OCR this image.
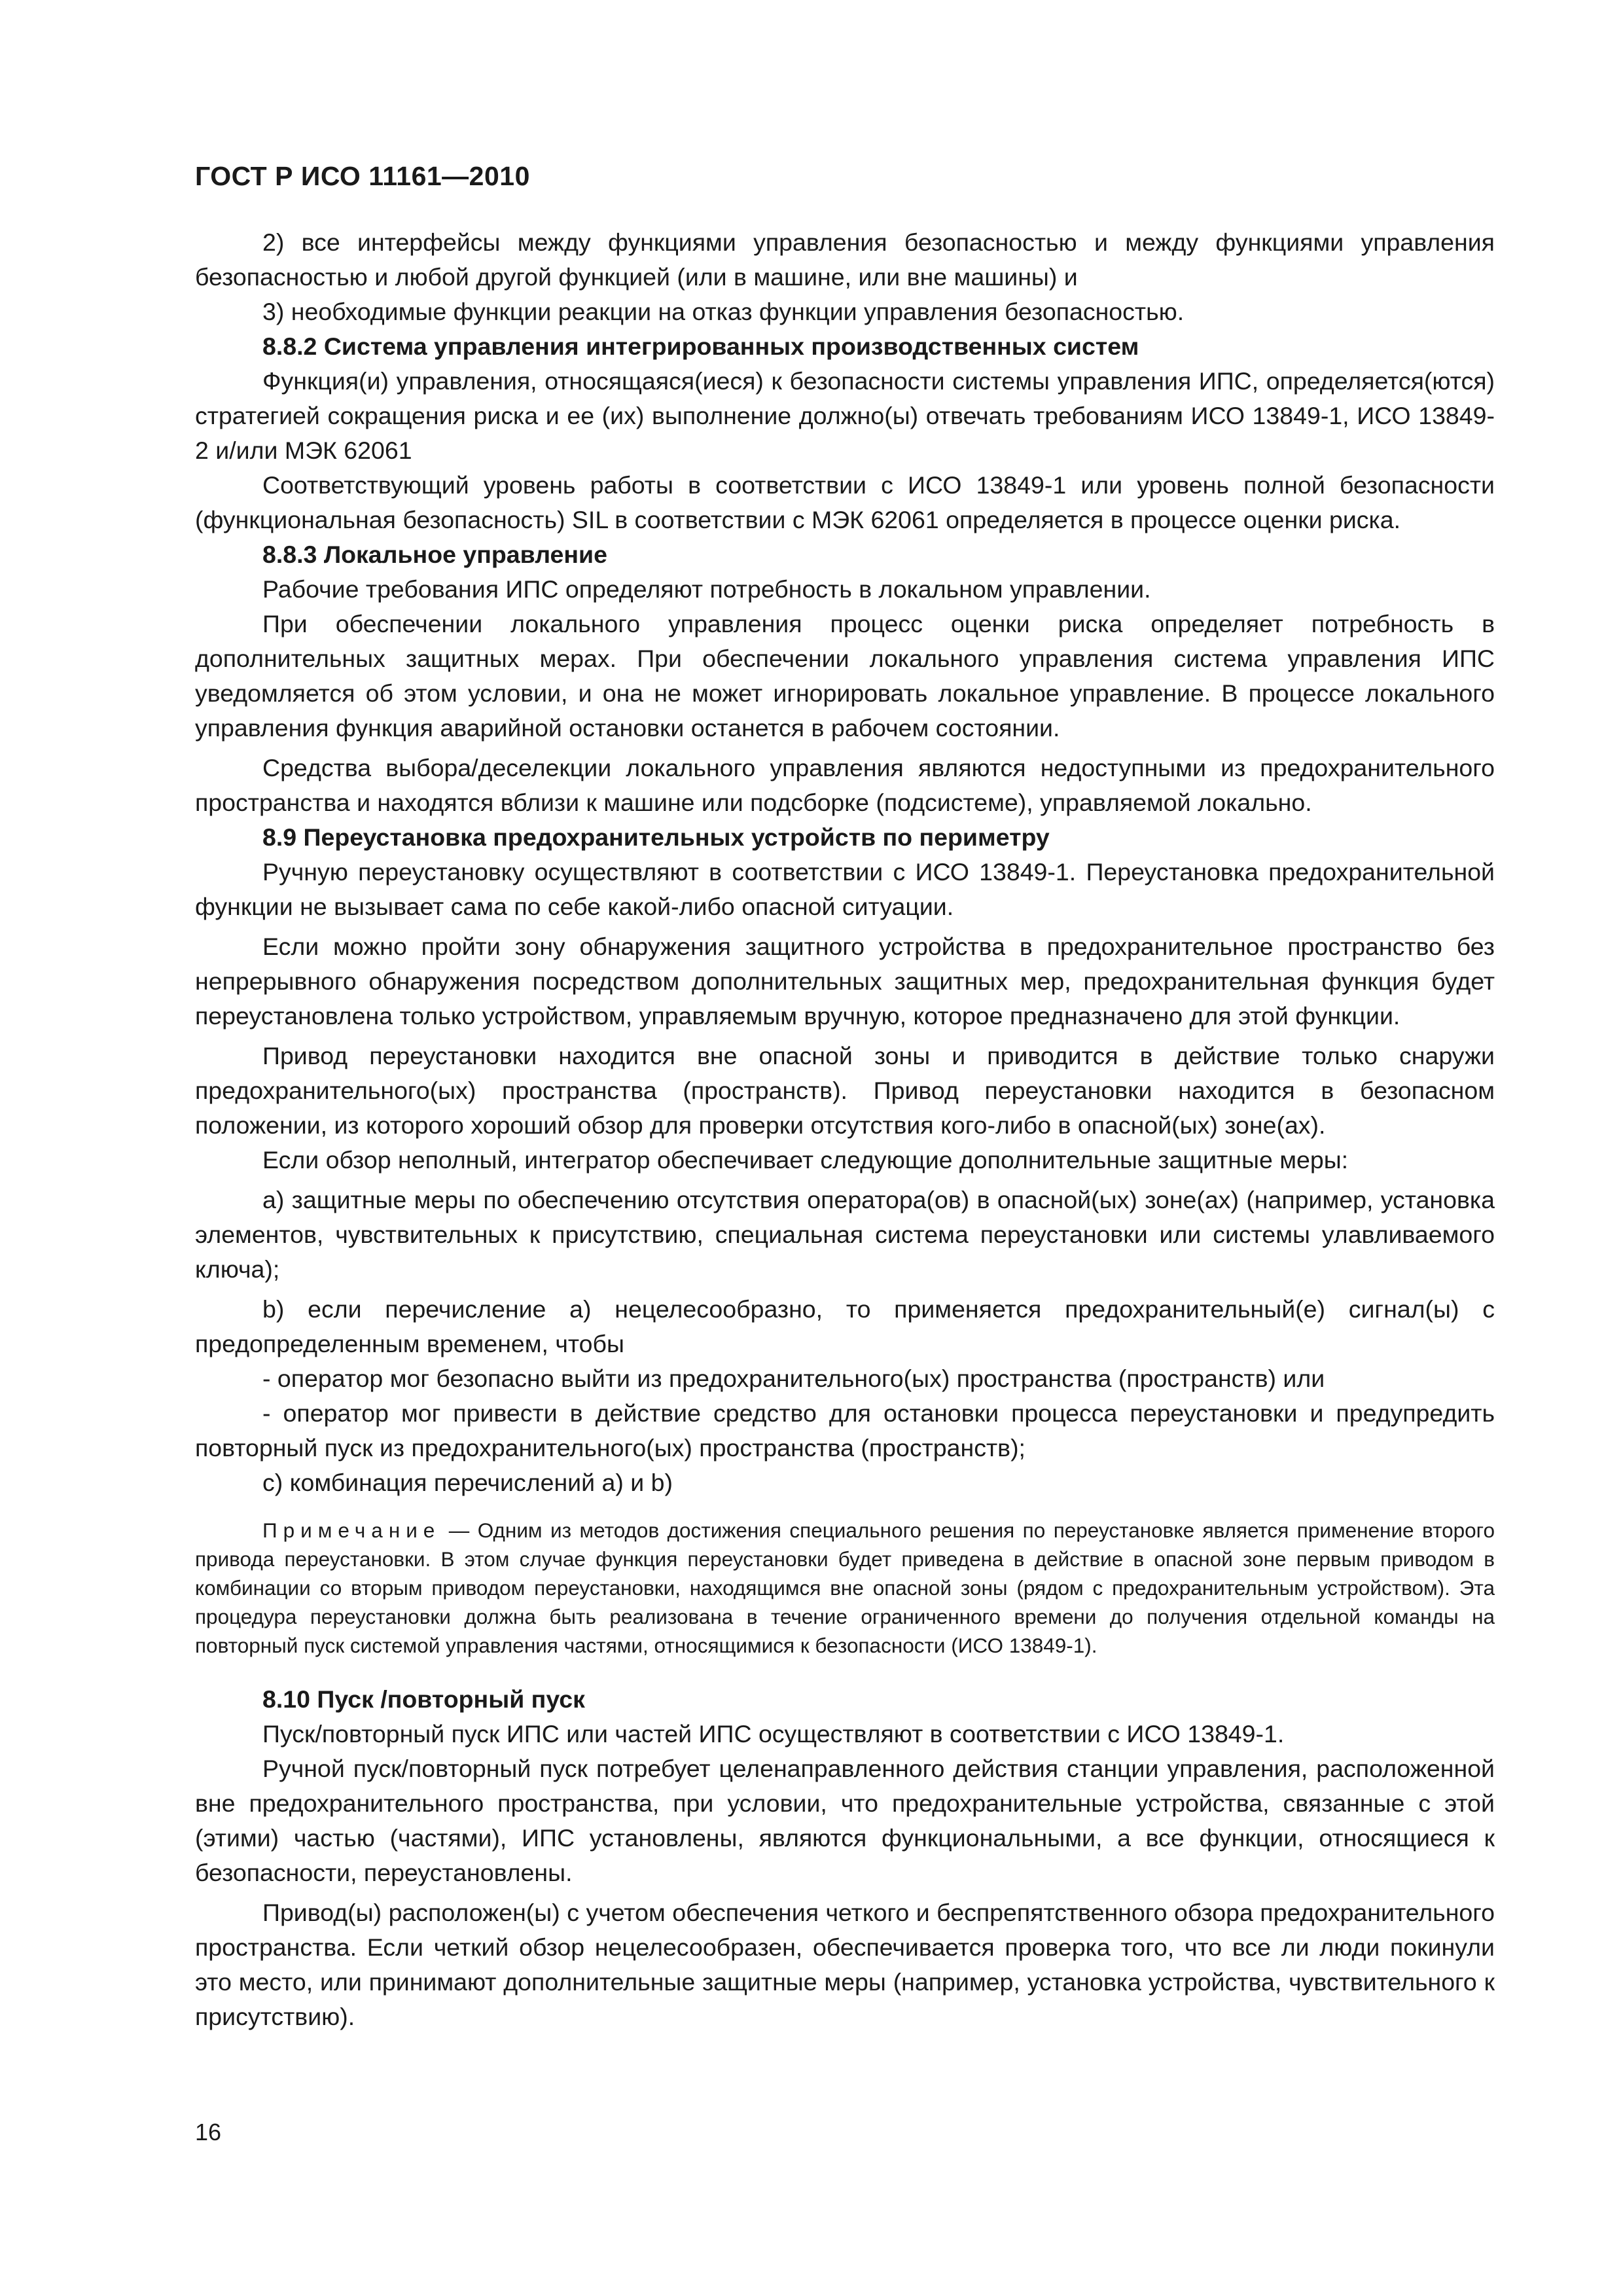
ГОСТ Р ИСО 11161—2010

2) все интерфейсы между функциями управления безопасностью и между функциями управления безопасностью и любой другой функцией (или в машине, или вне машины) и

3) необходимые функции реакции на отказ функции управления безопасностью.

8.8.2 Система управления интегрированных производственных систем

Функция(и) управления, относящаяся(иеся) к безопасности системы управления ИПС, определяется(ются) стратегией сокращения риска и ее (их) выполнение должно(ы) отвечать требованиям ИСО 13849-1, ИСО 13849-2 и/или МЭК 62061

Соответствующий уровень работы в соответствии с ИСО 13849-1 или уровень полной безопасности (функциональная безопасность) SIL в соответствии с МЭК 62061 определяется в процессе оценки риска.

8.8.3 Локальное управление

Рабочие требования ИПС определяют потребность в локальном управлении.

При обеспечении локального управления процесс оценки риска определяет потребность в дополнительных защитных мерах. При обеспечении локального управления система управления ИПС уведомляется об этом условии, и она не может игнорировать локальное управление. В процессе локального управления функция аварийной остановки останется в рабочем состоянии.

Средства выбора/деселекции локального управления являются недоступными из предохранительного пространства и находятся вблизи к машине или подсборке (подсистеме), управляемой локально.

8.9 Переустановка предохранительных устройств по периметру

Ручную переустановку осуществляют в соответствии с ИСО 13849-1. Переустановка предохранительной функции не вызывает сама по себе какой-либо опасной ситуации.

Если можно пройти зону обнаружения защитного устройства в предохранительное пространство без непрерывного обнаружения посредством дополнительных защитных мер, предохранительная функция будет переустановлена только устройством, управляемым вручную, которое предназначено для этой функции.

Привод переустановки находится вне опасной зоны и приводится в действие только снаружи предохранительного(ых) пространства (пространств). Привод переустановки находится в безопасном положении, из которого хороший обзор для проверки отсутствия кого-либо в опасной(ых) зоне(ах).

Если обзор неполный, интегратор обеспечивает следующие дополнительные защитные меры:

a) защитные меры по обеспечению отсутствия оператора(ов) в опасной(ых) зоне(ах) (например, установка элементов, чувствительных к присутствию, специальная система переустановки или системы улавливаемого ключа);

b) если перечисление a) нецелесообразно, то применяется предохранительный(е) сигнал(ы) с предопределенным временем, чтобы

- оператор мог безопасно выйти из предохранительного(ых) пространства (пространств) или

- оператор мог привести в действие средство для остановки процесса переустановки и предупредить повторный пуск из предохранительного(ых) пространства (пространств);

c) комбинация перечислений a) и b)

Примечание — Одним из методов достижения специального решения по переустановке является применение второго привода переустановки. В этом случае функция переустановки будет приведена в действие в опасной зоне первым приводом в комбинации со вторым приводом переустановки, находящимся вне опасной зоны (рядом с предохранительным устройством). Эта процедура переустановки должна быть реализована в течение ограниченного времени до получения отдельной команды на повторный пуск системой управления частями, относящимися к безопасности (ИСО 13849-1).

8.10 Пуск /повторный пуск

Пуск/повторный пуск ИПС или частей ИПС осуществляют в соответствии с ИСО 13849-1.

Ручной пуск/повторный пуск потребует целенаправленного действия станции управления, расположенной вне предохранительного пространства, при условии, что предохранительные устройства, связанные с этой (этими) частью (частями), ИПС установлены, являются функциональными, а все функции, относящиеся к безопасности, переустановлены.

Привод(ы) расположен(ы) с учетом обеспечения четкого и беспрепятственного обзора предохранительного пространства. Если четкий обзор нецелесообразен, обеспечивается проверка того, что все ли люди покинули это место, или принимают дополнительные защитные меры (например, установка устройства, чувствительного к присутствию).

16
